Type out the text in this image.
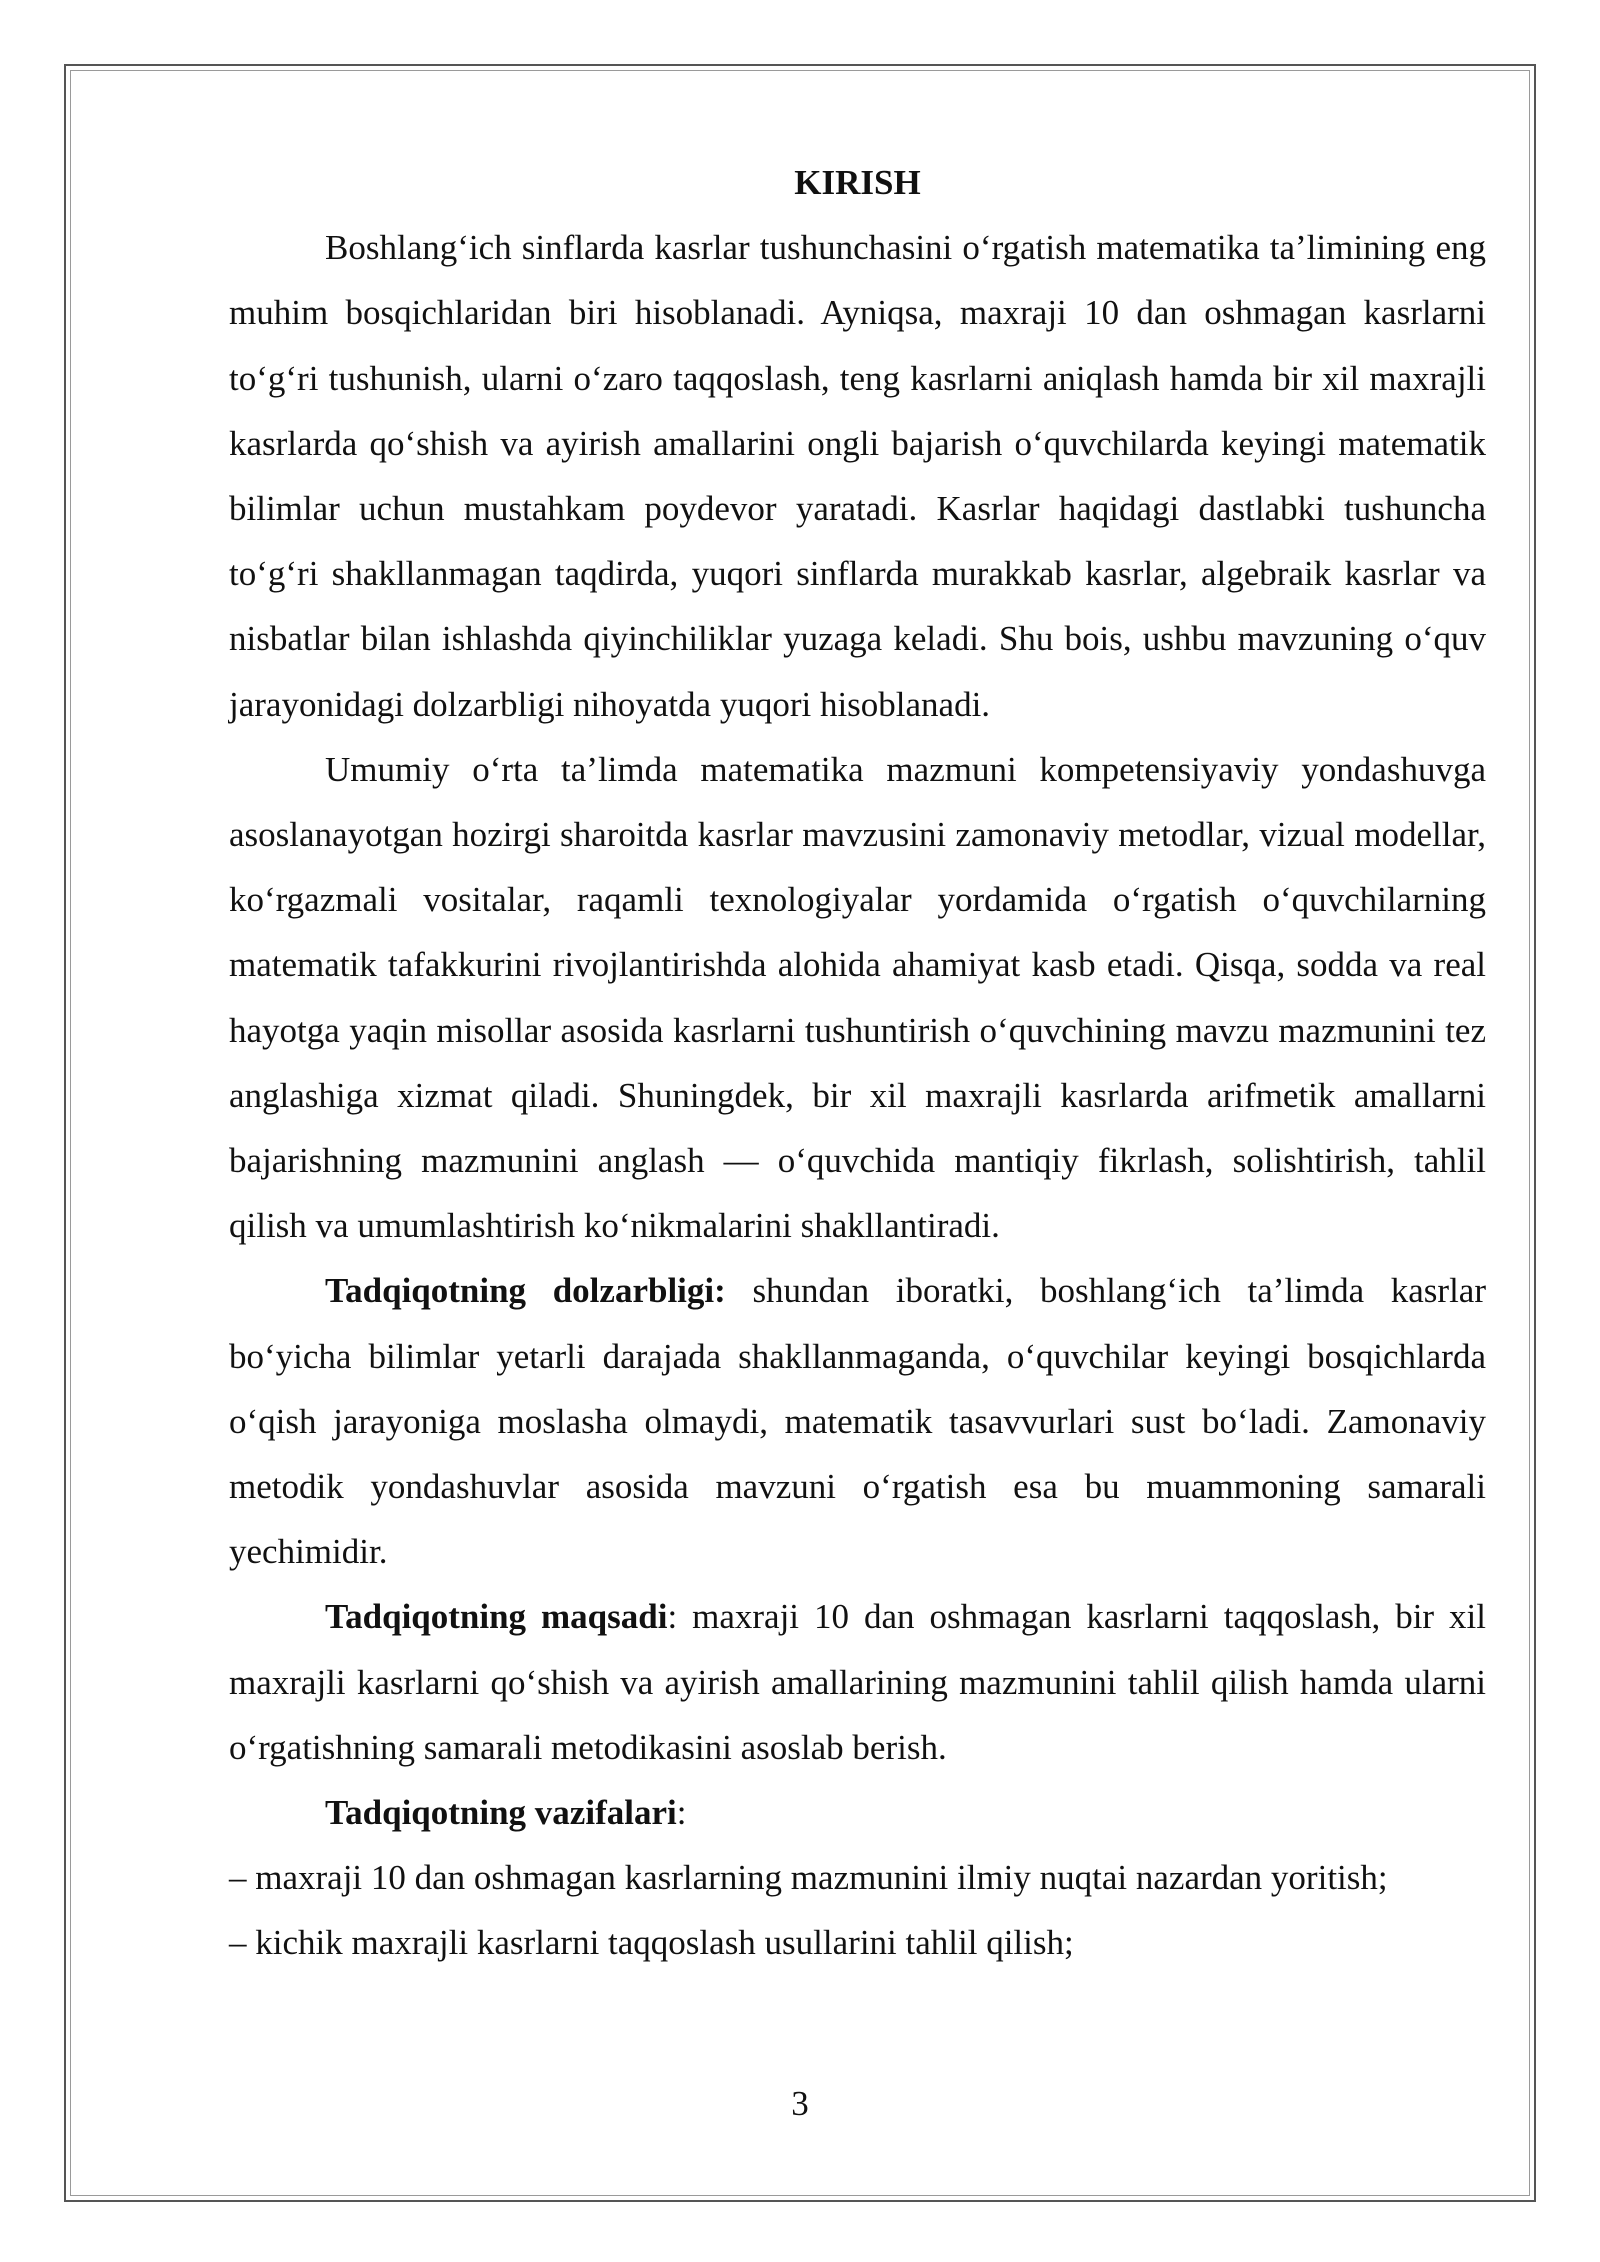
KIRISH

Boshlang‘ich sinflarda kasrlar tushunchasini o‘rgatish matematika ta’limining eng muhim bosqichlaridan biri hisoblanadi. Ayniqsa, maxraji 10 dan oshmagan kasrlarni to‘g‘ri tushunish, ularni o‘zaro taqqoslash, teng kasrlarni aniqlash hamda bir xil maxrajli kasrlarda qo‘shish va ayirish amallarini ongli bajarish o‘quvchilarda keyingi matematik bilimlar uchun mustahkam poydevor yaratadi. Kasrlar haqidagi dastlabki tushuncha to‘g‘ri shakllanmagan taqdirda, yuqori sinflarda murakkab kasrlar, algebraik kasrlar va nisbatlar bilan ishlashda qiyinchiliklar yuzaga keladi. Shu bois, ushbu mavzuning o‘quv jarayonidagi dolzarbligi nihoyatda yuqori hisoblanadi.

Umumiy o‘rta ta’limda matematika mazmuni kompetensiyaviy yondashuvga asoslanayotgan hozirgi sharoitda kasrlar mavzusini zamonaviy metodlar, vizual modellar, ko‘rgazmali vositalar, raqamli texnologiyalar yordamida o‘rgatish o‘quvchilarning matematik tafakkurini rivojlantirishda alohida ahamiyat kasb etadi. Qisqa, sodda va real hayotga yaqin misollar asosida kasrlarni tushuntirish o‘quvchining mavzu mazmunini tez anglashiga xizmat qiladi. Shuningdek, bir xil maxrajli kasrlarda arifmetik amallarni bajarishning mazmunini anglash — o‘quvchida mantiqiy fikrlash, solishtirish, tahlil qilish va umumlashtirish ko‘nikmalarini shakllantiradi.

Tadqiqotning dolzarbligi: shundan iboratki, boshlang‘ich ta’limda kasrlar bo‘yicha bilimlar yetarli darajada shakllanmaganda, o‘quvchilar keyingi bosqichlarda o‘qish jarayoniga moslasha olmaydi, matematik tasavvurlari sust bo‘ladi. Zamonaviy metodik yondashuvlar asosida mavzuni o‘rgatish esa bu muammoning samarali yechimidir.

Tadqiqotning maqsadi: maxraji 10 dan oshmagan kasrlarni taqqoslash, bir xil maxrajli kasrlarni qo‘shish va ayirish amallarining mazmunini tahlil qilish hamda ularni o‘rgatishning samarali metodikasini asoslab berish.

Tadqiqotning vazifalari:

– maxraji 10 dan oshmagan kasrlarning mazmunini ilmiy nuqtai nazardan yoritish;

– kichik maxrajli kasrlarni taqqoslash usullarini tahlil qilish;

3
